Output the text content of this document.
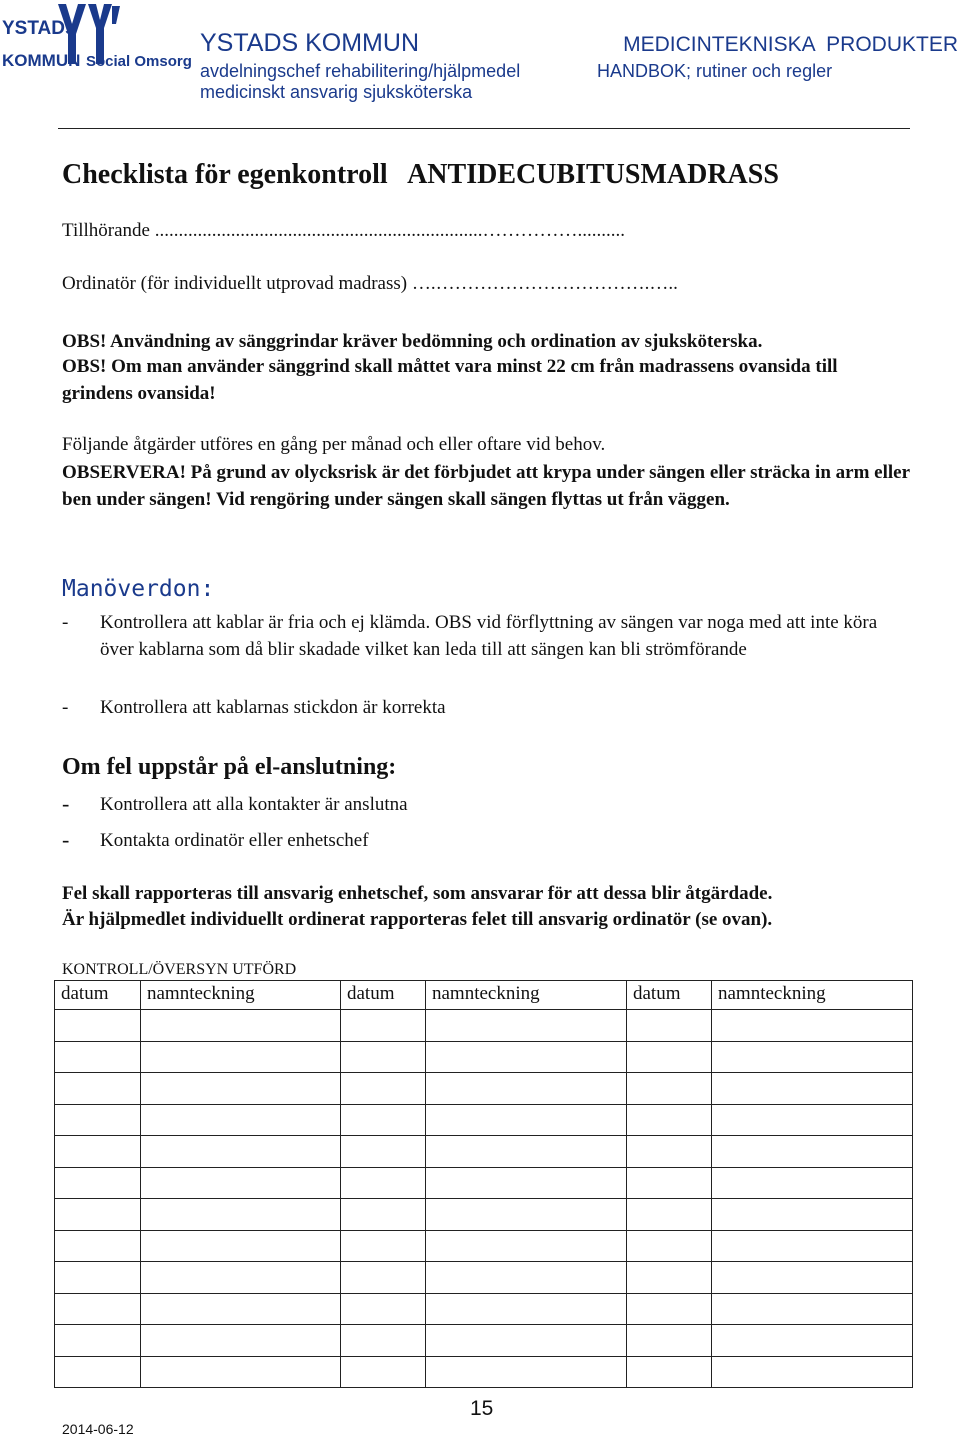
YSTADs
KOMMUN Social Omsorg
YSTADS KOMMUN
avdelningschef rehabilitering/hjälpmedel
medicinskt ansvarig sjuksköterska
MEDICINTEKNISKA  PRODUKTER
HANDBOK; rutiner och regler
Checklista för egenkontroll   ANTIDECUBITUSMADRASS
Tillhörande .....................................................................……………..........
Ordinatör (för individuellt utprovad madrass) ….…………………………….…..
OBS! Användning av sänggrindar kräver bedömning och ordination av sjuksköterska.
OBS! Om man använder sänggrind skall måttet vara minst 22 cm från madrassens ovansida till grindens ovansida!
Följande åtgärder utföres en gång per månad och eller oftare vid behov.
OBSERVERA! På grund av olycksrisk är det förbjudet att krypa under sängen eller sträcka in arm eller ben under sängen! Vid rengöring under sängen skall sängen flyttas ut från väggen.
Manöverdon:
- Kontrollera att kablar är fria och ej klämda. OBS vid förflyttning av sängen var noga med att inte köra över kablarna som då blir skadade vilket kan leda till att sängen kan bli strömförande
- Kontrollera att kablarnas stickdon är korrekta
Om fel uppstår på el-anslutning:
- Kontrollera att alla kontakter är anslutna
- Kontakta ordinatör eller enhetschef
Fel skall rapporteras till ansvarig enhetschef, som ansvarar för att dessa blir åtgärdade.
Är hjälpmedlet individuellt ordinerat rapporteras felet till ansvarig ordinatör (se ovan).
KONTROLL/ÖVERSYN UTFÖRD
datum	namnteckning	datum	namnteckning	datum	namnteckning

15
2014-06-12
